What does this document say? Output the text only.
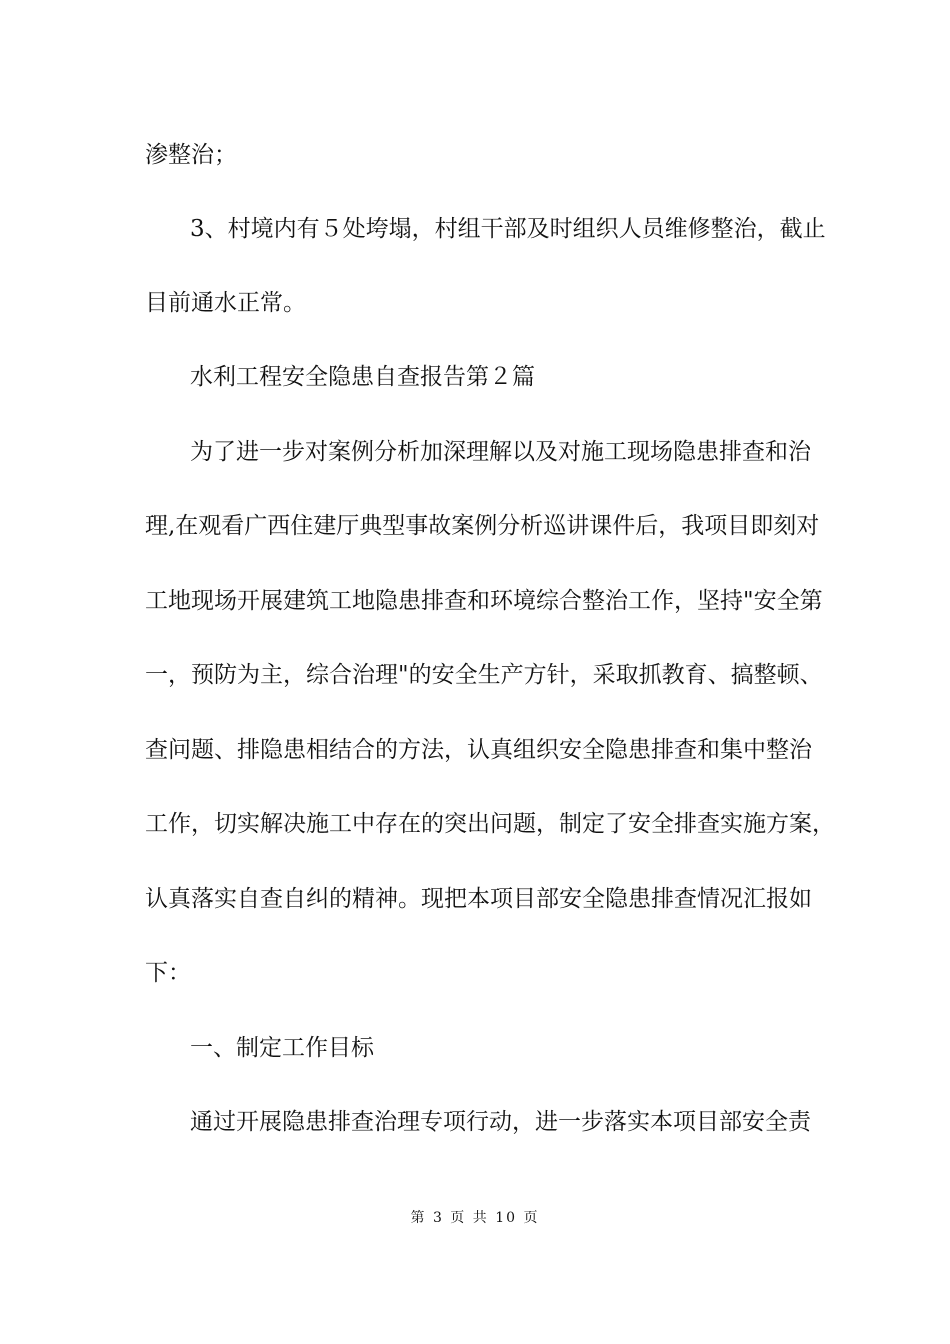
渗整治；
3、村境内有５处垮塌，村组干部及时组织人员维修整治，截止
目前通水正常。
水利工程安全隐患自查报告第２篇
为了进一步对案例分析加深理解以及对施工现场隐患排查和治
理,在观看广西住建厅典型事故案例分析巡讲课件后，我项目即刻对
工地现场开展建筑工地隐患排查和环境综合整治工作，坚持"安全第
一，预防为主，综合治理"的安全生产方针，采取抓教育、搞整顿、
查问题、排隐患相结合的方法，认真组织安全隐患排查和集中整治
工作，切实解决施工中存在的突出问题，制定了安全排查实施方案，
认真落实自查自纠的精神。现把本项目部安全隐患排查情况汇报如
下：
一、制定工作目标
通过开展隐患排查治理专项行动，进一步落实本项目部安全责
第 3 页 共 10 页
